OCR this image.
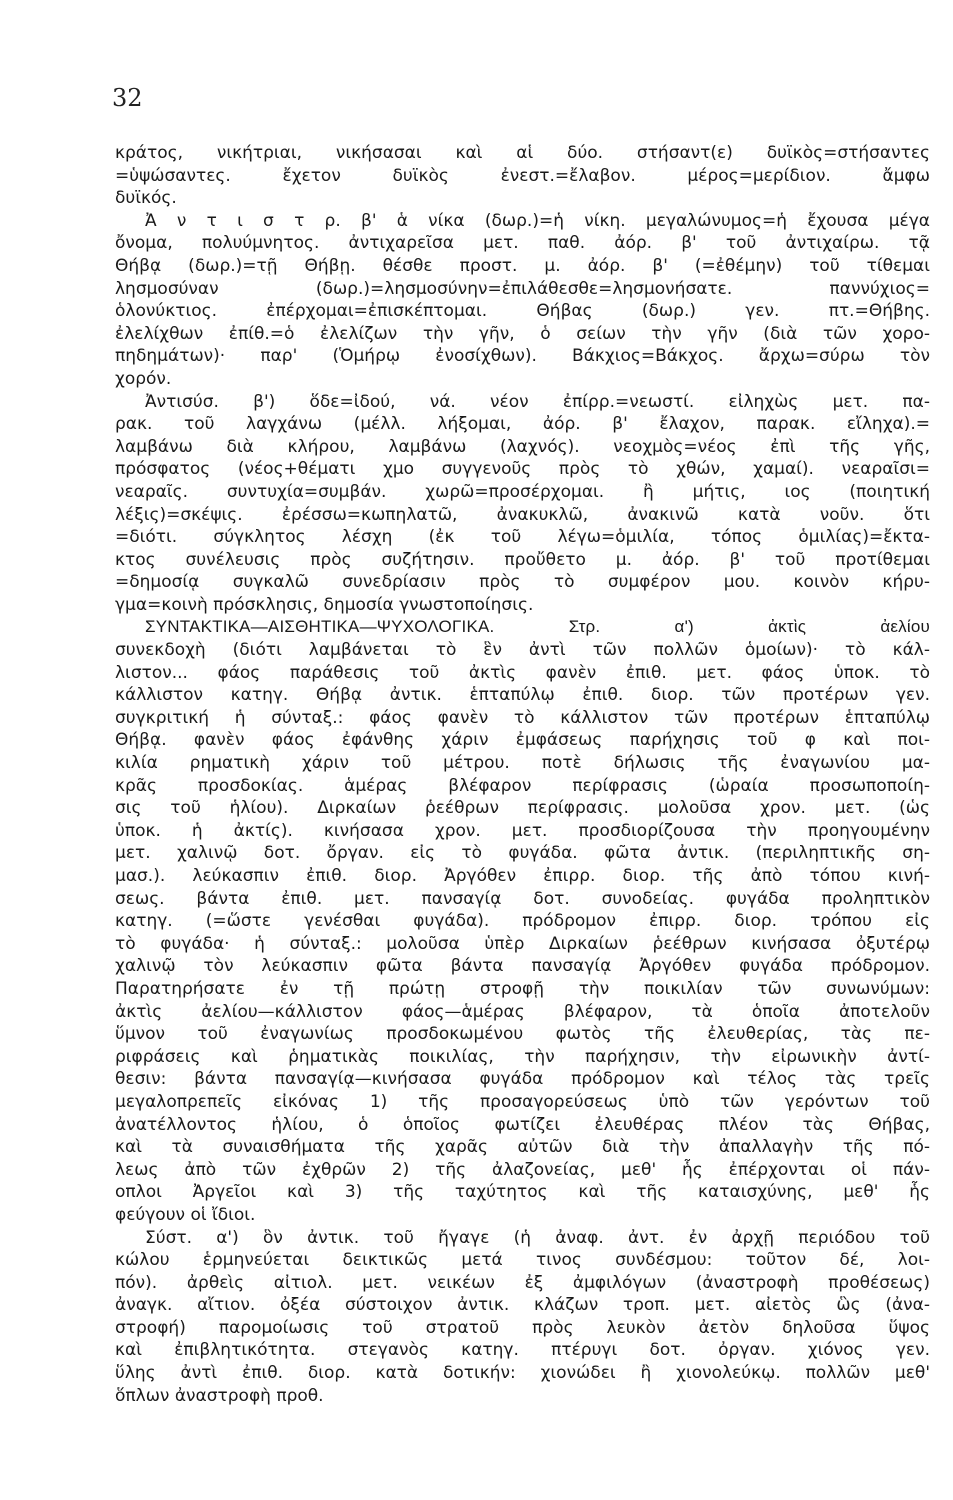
32
κράτος, νικήτριαι, νικήσασαι καὶ αἱ δύο. στήσαντ(ε) δυϊκὸς=στήσαντες
=ὑψώσαντες. ἔχετον δυϊκὸς ἐνεστ.=ἔλαβον. μέρος=μερίδιον. ἄμφω
δυϊκός.
Ἀ ν τ ι σ τ ρ. β' ἁ νίκα (δωρ.)=ἡ νίκη. μεγαλώνυμος=ἡ ἔχουσα μέγα
ὄνομα, πολυύμνητος. ἀντιχαρεῖσα μετ. παθ. ἀόρ. β' τοῦ ἀντιχαίρω. τᾷ
Θήβᾳ (δωρ.)=τῇ Θήβῃ. θέσθε προστ. μ. ἀόρ. β' (=ἐθέμην) τοῦ τίθεμαι
λησμοσύναν (δωρ.)=λησμοσύνην=ἐπιλάθεσθε=λησμονήσατε. παννύχιος=
ὁλονύκτιος. ἐπέρχομαι=ἐπισκέπτομαι. Θήβας (δωρ.) γεν. πτ.=Θήβης.
ἐλελίχθων ἐπίθ.=ὁ ἐλελίζων τὴν γῆν, ὁ σείων τὴν γῆν (διὰ τῶν χορο-
πηδημάτων)· παρ' (Ὁμήρῳ ἐνοσίχθων). Βάκχιος=Βάκχος. ἄρχω=σύρω τὸν
χορόν.
Ἀντισύσ. β') ὅδε=ἰδού, νά. νέον ἐπίρρ.=νεωστί. εἰληχὼς μετ. πα-
ρακ. τοῦ λαγχάνω (μέλλ. λήξομαι, ἀόρ. β' ἔλαχον, παρακ. εἴληχα).=
λαμβάνω διὰ κλήρου, λαμβάνω (λαχνός). νεοχμὸς=νέος ἐπὶ τῆς γῆς,
πρόσφατος (νέος+θέματι χμο συγγενοῦς πρὸς τὸ χθών, χαμαί). νεαραῖσι=
νεαραῖς. συντυχία=συμβάν. χωρῶ=προσέρχομαι. ἢ μήτις, ιος (ποιητική
λέξις)=σκέψις. ἐρέσσω=κωπηλατῶ, ἀνακυκλῶ, ἀνακινῶ κατὰ νοῦν. ὅτι
=διότι. σύγκλητος λέσχη (ἐκ τοῦ λέγω=ὁμιλία, τόπος ὁμιλίας)=ἔκτα-
κτος συνέλευσις πρὸς συζήτησιν. προὔθετο μ. ἀόρ. β' τοῦ προτίθεμαι
=δημοσίᾳ συγκαλῶ συνεδρίασιν πρὸς τὸ συμφέρον μου. κοινὸν κήρυ-
γμα=κοινὴ πρόσκλησις, δημοσία γνωστοποίησις.
ΣΥΝΤΑΚΤΙΚΑ—ΑΙΣΘΗΤΙΚΑ—ΨΥΧΟΛΟΓΙΚΑ. Στρ. α') ἀκτὶς ἀελίου
συνεκδοχὴ (διότι λαμβάνεται τὸ ἓν ἀντὶ τῶν πολλῶν ὁμοίων)· τὸ κάλ-
λιστον... φάος παράθεσις τοῦ ἀκτὶς φανὲν ἐπιθ. μετ. φάος ὑποκ. τὸ
κάλλιστον κατηγ. Θήβᾳ ἀντικ. ἑπταπύλῳ ἐπιθ. διορ. τῶν προτέρων γεν.
συγκριτική ἡ σύνταξ.: φάος φανὲν τὸ κάλλιστον τῶν προτέρων ἑπταπύλῳ
Θήβᾳ. φανὲν φάος ἐφάνθης χάριν ἐμφάσεως παρήχησις τοῦ φ καὶ ποι-
κιλία ρηματικὴ χάριν τοῦ μέτρου. ποτὲ δήλωσις τῆς ἐναγωνίου μα-
κρᾶς προσδοκίας. ἁμέρας βλέφαρον περίφρασις (ὡραία προσωποποίη-
σις τοῦ ἡλίου). Διρκαίων ῥεέθρων περίφρασις. μολοῦσα χρον. μετ. (ὡς
ὑποκ. ἡ ἀκτίς). κινήσασα χρον. μετ. προσδιορίζουσα τὴν προηγουμένην
μετ. χαλινῷ δοτ. ὄργαν. εἰς τὸ φυγάδα. φῶτα ἀντικ. (περιληπτικῆς ση-
μασ.). λεύκασπιν ἐπιθ. διορ. Ἀργόθεν ἐπιρρ. διορ. τῆς ἀπὸ τόπου κινή-
σεως. βάντα ἐπιθ. μετ. πανσαγίᾳ δοτ. συνοδείας. φυγάδα προληπτικὸν
κατηγ. (=ὥστε γενέσθαι φυγάδα). πρόδρομον ἐπιρρ. διορ. τρόπου εἰς
τὸ φυγάδα· ἡ σύνταξ.: μολοῦσα ὑπὲρ Διρκαίων ῥεέθρων κινήσασα ὀξυτέρῳ
χαλινῷ τὸν λεύκασπιν φῶτα βάντα πανσαγίᾳ Ἀργόθεν φυγάδα πρόδρομον.
Παρατηρήσατε ἐν τῇ πρώτῃ στροφῇ τὴν ποικιλίαν τῶν συνωνύμων:
ἀκτὶς ἀελίου—κάλλιστον φάος—ἁμέρας βλέφαρον, τὰ ὁποῖα ἀποτελοῦν
ὕμνον τοῦ ἐναγωνίως προσδοκωμένου φωτὸς τῆς ἐλευθερίας, τὰς πε-
ριφράσεις καὶ ῥηματικὰς ποικιλίας, τὴν παρήχησιν, τὴν εἰρωνικὴν ἀντί-
θεσιν: βάντα πανσαγίᾳ—κινήσασα φυγάδα πρόδρομον καὶ τέλος τὰς τρεῖς
μεγαλοπρεπεῖς εἰκόνας 1) τῆς προσαγορεύσεως ὑπὸ τῶν γερόντων τοῦ
ἀνατέλλοντος ἡλίου, ὁ ὁποῖος φωτίζει ἐλευθέρας πλέον τὰς Θήβας,
καὶ τὰ συναισθήματα τῆς χαρᾶς αὐτῶν διὰ τὴν ἀπαλλαγὴν τῆς πό-
λεως ἀπὸ τῶν ἐχθρῶν 2) τῆς ἀλαζονείας, μεθ' ἧς ἐπέρχονται οἱ πάν-
οπλοι Ἀργεῖοι καὶ 3) τῆς ταχύτητος καὶ τῆς καταισχύνης, μεθ' ἧς
φεύγουν οἱ ἴδιοι.
Σύστ. α') ὃν ἀντικ. τοῦ ἤγαγε (ἡ ἀναφ. ἀντ. ἐν ἀρχῇ περιόδου τοῦ
κώλου ἑρμηνεύεται δεικτικῶς μετά τινος συνδέσμου: τοῦτον δέ, λοι-
πόν). ἀρθεὶς αἰτιολ. μετ. νεικέων ἐξ ἀμφιλόγων (ἀναστροφὴ προθέσεως)
ἀναγκ. αἴτιον. ὀξέα σύστοιχον ἀντικ. κλάζων τροπ. μετ. αἰετὸς ὣς (ἀνα-
στροφή) παρομοίωσις τοῦ στρατοῦ πρὸς λευκὸν ἀετὸν δηλοῦσα ὕψος
καὶ ἐπιβλητικότητα. στεγανὸς κατηγ. πτέρυγι δοτ. ὀργαν. χιόνος γεν.
ὕλης ἀντὶ ἐπιθ. διορ. κατὰ δοτικήν: χιονώδει ἢ χιονολεύκῳ. πολλῶν μεθ'
ὅπλων ἀναστροφὴ προθ.
